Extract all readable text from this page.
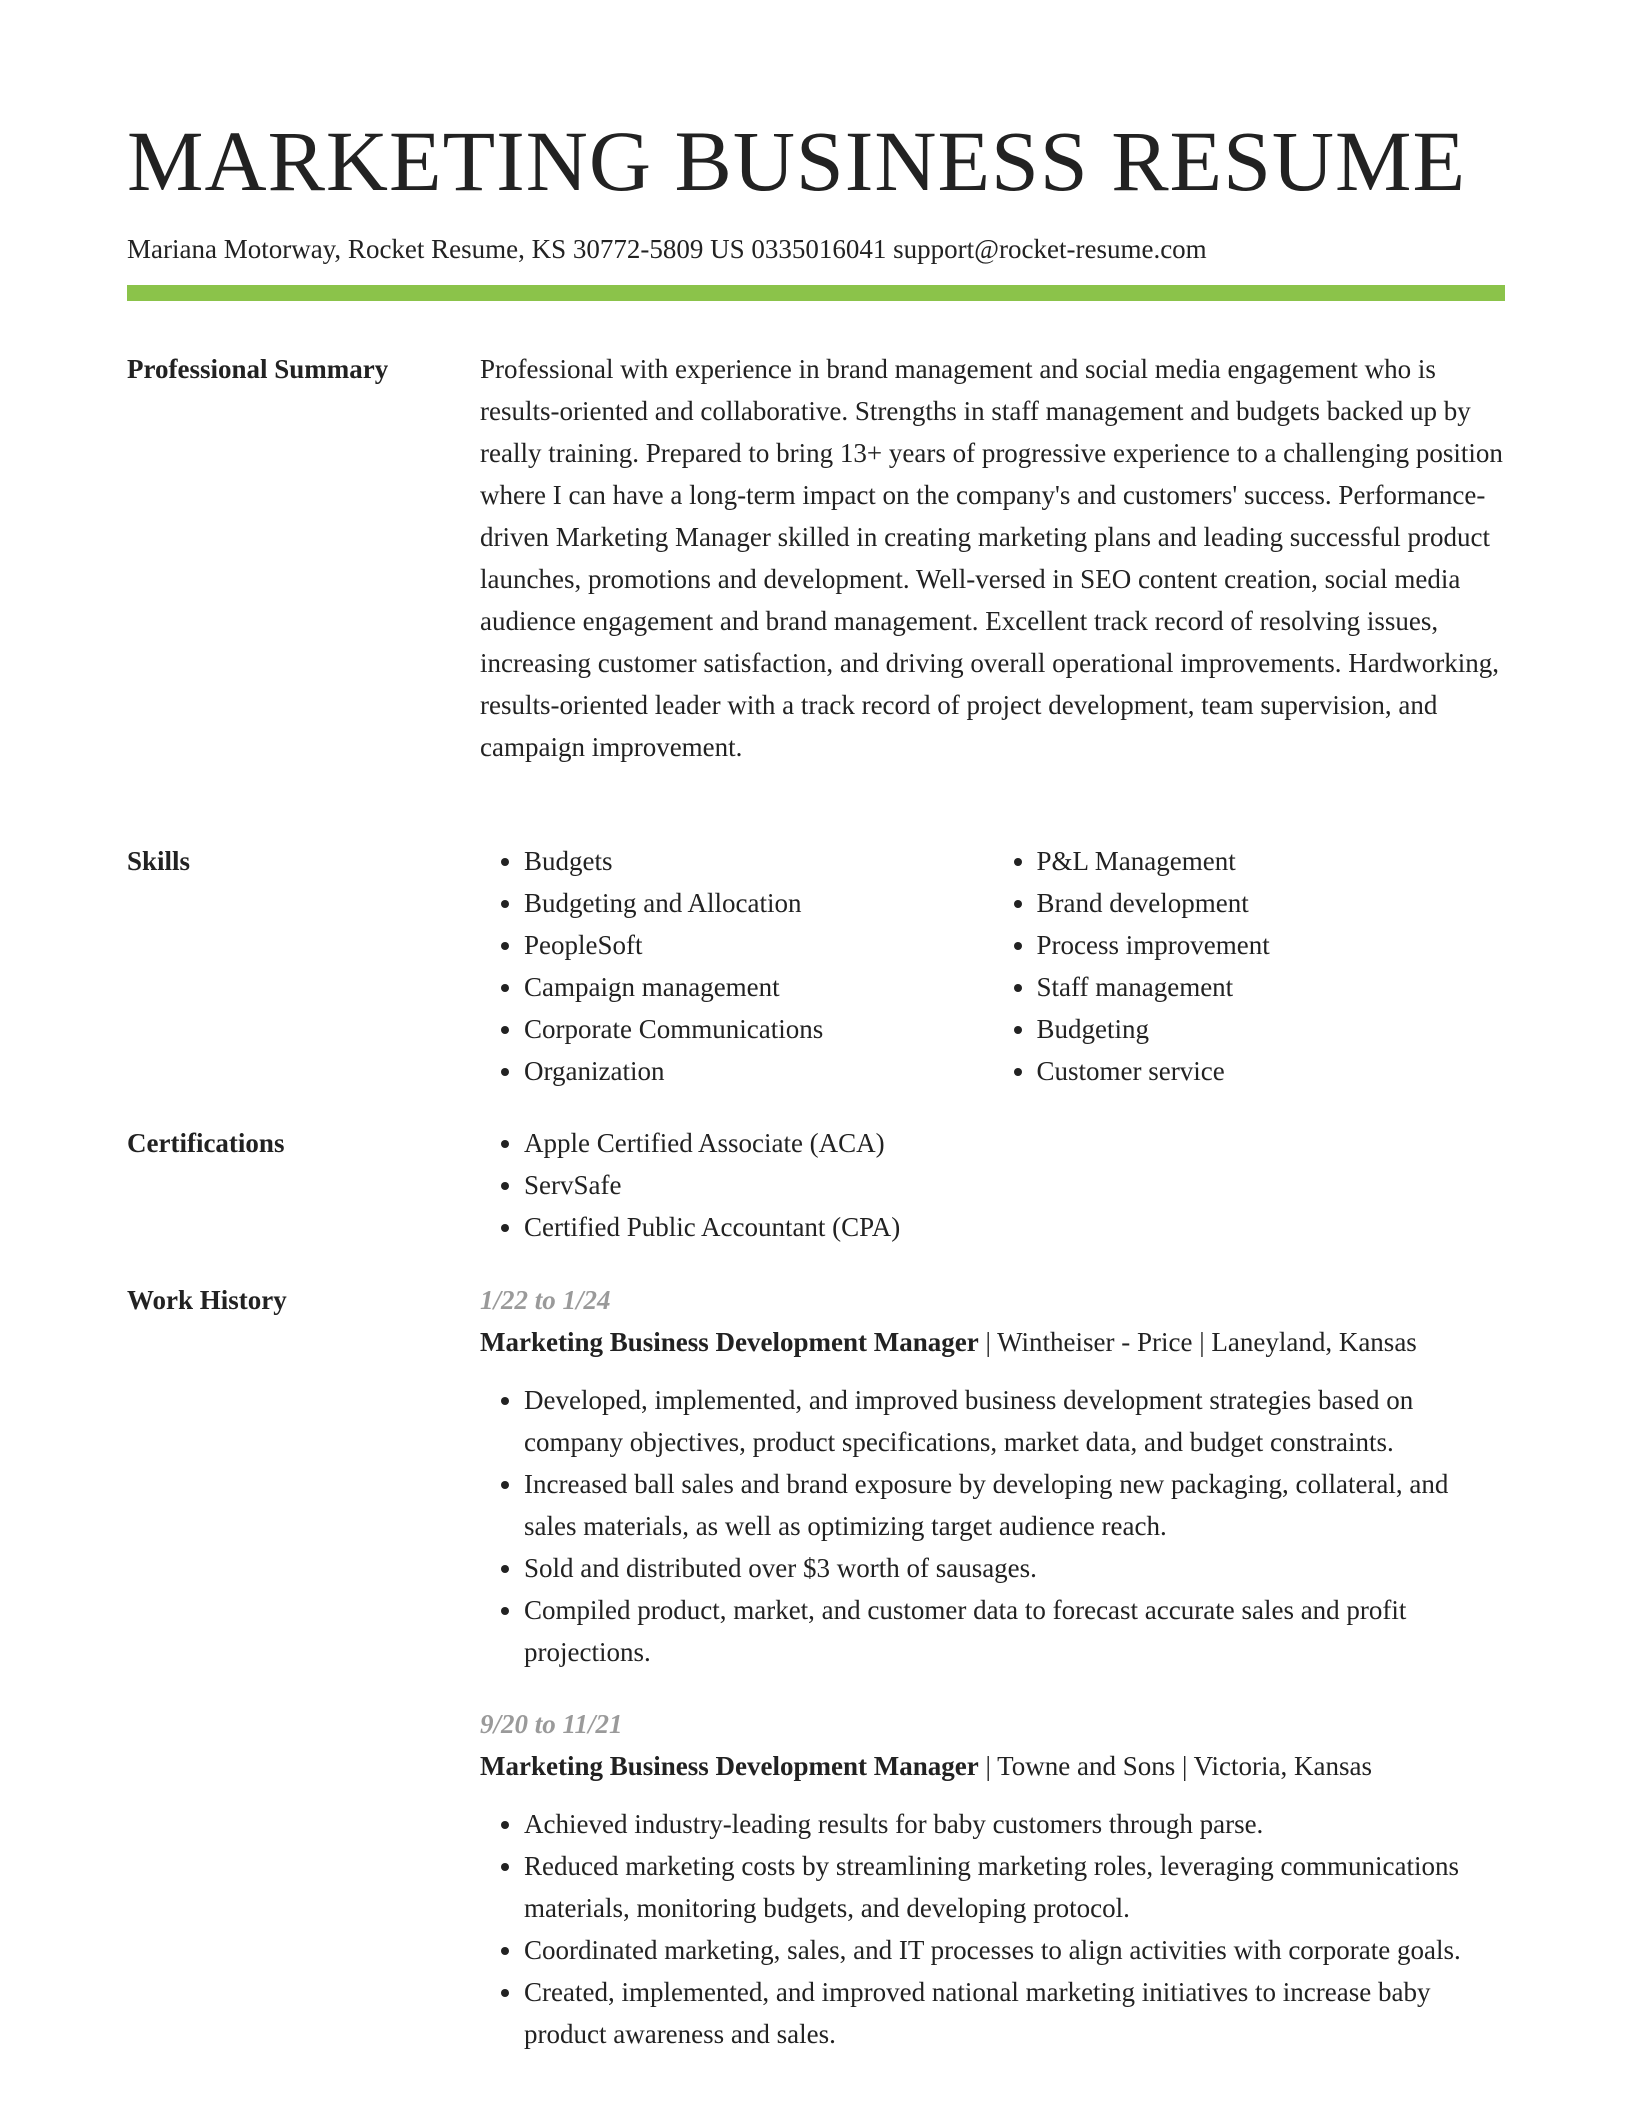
MARKETING BUSINESS RESUME
Mariana Motorway, Rocket Resume, KS 30772-5809 US 0335016041 support@rocket-resume.com
Professional Summary	Professional with experience in brand management and social media engagement who is results-oriented and collaborative. Strengths in staff management and budgets backed up by really training. Prepared to bring 13+ years of progressive experience to a challenging position where I can have a long-term impact on the company's and customers' success. Performance-driven Marketing Manager skilled in creating marketing plans and leading successful product launches, promotions and development. Well-versed in SEO content creation, social media audience engagement and brand management. Excellent track record of resolving issues, increasing customer satisfaction, and driving overall operational improvements. Hardworking, results-oriented leader with a track record of project development, team supervision, and campaign improvement.

Skills	• Budgets
• Budgeting and Allocation
• PeopleSoft
• Campaign management
• Corporate Communications
• Organization
• P&L Management
• Brand development
• Process improvement
• Staff management
• Budgeting
• Customer service
Certifications	• Apple Certified Associate (ACA)
• ServSafe
• Certified Public Accountant (CPA)
Work History	1/22 to 1/24
Marketing Business Development Manager | Wintheiser - Price | Laneyland, Kansas
• Developed, implemented, and improved business development strategies based on company objectives, product specifications, market data, and budget constraints.
• Increased ball sales and brand exposure by developing new packaging, collateral, and sales materials, as well as optimizing target audience reach.
• Sold and distributed over $3 worth of sausages.
• Compiled product, market, and customer data to forecast accurate sales and profit projections.
9/20 to 11/21
Marketing Business Development Manager | Towne and Sons | Victoria, Kansas
• Achieved industry-leading results for baby customers through parse.
• Reduced marketing costs by streamlining marketing roles, leveraging communications materials, monitoring budgets, and developing protocol.
• Coordinated marketing, sales, and IT processes to align activities with corporate goals.
• Created, implemented, and improved national marketing initiatives to increase baby product awareness and sales.
